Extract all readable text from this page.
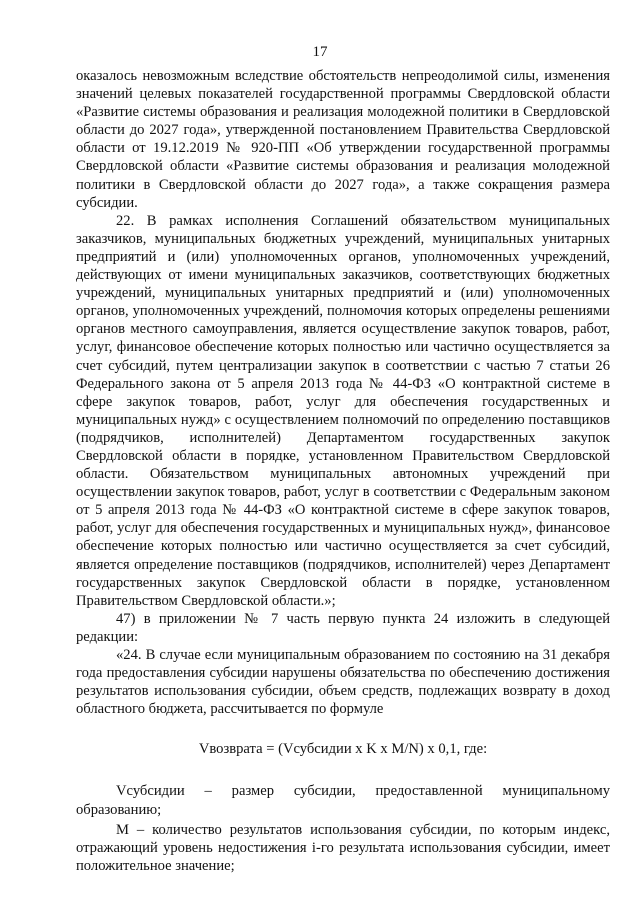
17

оказалось невозможным вследствие обстоятельств непреодолимой силы, изменения значений целевых показателей государственной программы Свердловской области «Развитие системы образования и реализация молодежной политики в Свердловской области до 2027 года», утвержденной постановлением Правительства Свердловской области от 19.12.2019 № 920-ПП «Об утверждении государственной программы Свердловской области «Развитие системы образования и реализация молодежной политики в Свердловской области до 2027 года», а также сокращения размера субсидии.

22. В рамках исполнения Соглашений обязательством муниципальных заказчиков, муниципальных бюджетных учреждений, муниципальных унитарных предприятий и (или) уполномоченных органов, уполномоченных учреждений, действующих от имени муниципальных заказчиков, соответствующих бюджетных учреждений, муниципальных унитарных предприятий и (или) уполномоченных органов, уполномоченных учреждений, полномочия которых определены решениями органов местного самоуправления, является осуществление закупок товаров, работ, услуг, финансовое обеспечение которых полностью или частично осуществляется за счет субсидий, путем централизации закупок в соответствии с частью 7 статьи 26 Федерального закона от 5 апреля 2013 года № 44-ФЗ «О контрактной системе в сфере закупок товаров, работ, услуг для обеспечения государственных и муниципальных нужд» с осуществлением полномочий по определению поставщиков (подрядчиков, исполнителей) Департаментом государственных закупок Свердловской области в порядке, установленном Правительством Свердловской области. Обязательством муниципальных автономных учреждений при осуществлении закупок товаров, работ, услуг в соответствии с Федеральным законом от 5 апреля 2013 года № 44-ФЗ «О контрактной системе в сфере закупок товаров, работ, услуг для обеспечения государственных и муниципальных нужд», финансовое обеспечение которых полностью или частично осуществляется за счет субсидий, является определение поставщиков (подрядчиков, исполнителей) через Департамент государственных закупок Свердловской области в порядке, установленном Правительством Свердловской области.»;

47) в приложении № 7 часть первую пункта 24 изложить в следующей редакции:

«24. В случае если муниципальным образованием по состоянию на 31 декабря года предоставления субсидии нарушены обязательства по обеспечению достижения результатов использования субсидии, объем средств, подлежащих возврату в доход областного бюджета, рассчитывается по формуле

Vвозврата = (Vсубсидии x K x M/N) x 0,1, где:

Vсубсидии – размер субсидии, предоставленной муниципальному образованию;

M – количество результатов использования субсидии, по которым индекс, отражающий уровень недостижения i-го результата использования субсидии, имеет положительное значение;
